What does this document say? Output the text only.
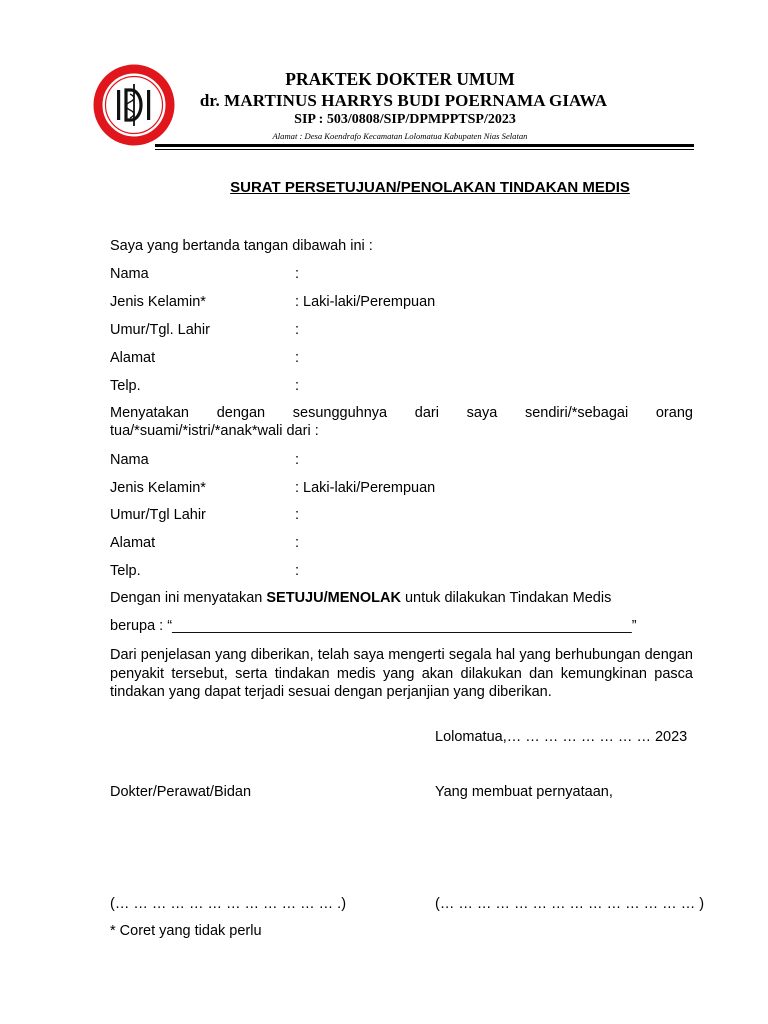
PRAKTEK DOKTER UMUM
dr. MARTINUS HARRYS BUDI POERNAMA GIAWA
SIP : 503/0808/SIP/DPMPPTSP/2023
Alamat : Desa Koendrafo Kecamatan Lolomatua Kabupaten Nias Selatan
SURAT PERSETUJUAN/PENOLAKAN TINDAKAN MEDIS
Saya yang bertanda tangan dibawah ini :
Nama	:
Jenis Kelamin*	: Laki-laki/Perempuan
Umur/Tgl. Lahir	:
Alamat	:
Telp.	:
Menyatakan dengan sesungguhnya dari saya sendiri/*sebagai orang
tua/*suami/*istri/*anak*wali dari :
Nama	:
Jenis Kelamin*	: Laki-laki/Perempuan
Umur/Tgl Lahir	:
Alamat	:
Telp.	:
Dengan ini menyatakan SETUJU/MENOLAK untuk dilakukan Tindakan Medis
berupa : “_________________________________________________________”
Dari penjelasan yang diberikan, telah saya mengerti segala hal yang berhubungan dengan penyakit tersebut, serta tindakan medis yang akan dilakukan dan kemungkinan pasca tindakan yang dapat terjadi sesuai dengan perjanjian yang diberikan.
Lolomatua,… … … … … … … … 2023
Dokter/Perawat/Bidan	Yang membuat pernyataan,
(… … … … … … … … … … … … .)	(… … … … … … … … … … … … … … )
* Coret yang tidak perlu
